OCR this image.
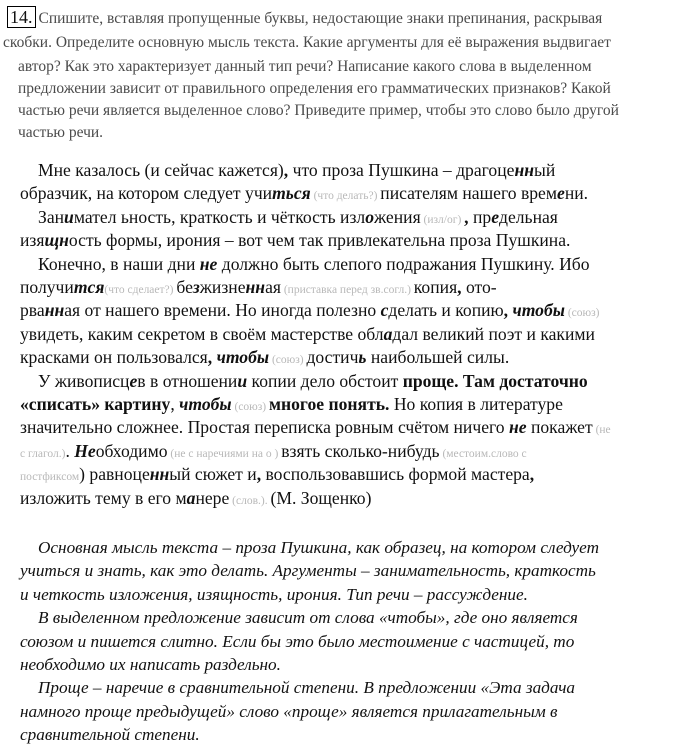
14. Спишите, вставляя пропущенные буквы, недостающие знаки препинания, раскрывая
скобки. Определите основную мысль текста. Какие аргументы для её выражения выдвигает
автор? Как это характеризует данный тип речи? Написание какого слова в выделенном
предложении зависит от правильного определения его грамматических признаков? Какой
частью речи является выделенное слово? Приведите пример, чтобы это слово было другой
частью речи.
Мне казалось (и сейчас кажется), что проза Пушкина – драгоценный
образчик, на котором следует учиться (что делать?) писателям нашего времени.
Занимател ьность, краткость и чёткость изложения (изл/ог) , предельная
изящность формы, ирония – вот чем так привлекательна проза Пушкина.
Конечно, в наши дни не должно быть слепого подражания Пушкину. Ибо
получится(что сделает?) безжизненная (приставка перед зв.согл.) копия, ото-
рванная от нашего времени. Но иногда полезно сделать и копию, чтобы (союз)
увидеть, каким секретом в своём мастерстве обладал великий поэт и какими
красками он пользовался, чтобы (союз) достичь наибольшей силы.
У живописцев в отношении копии дело обстоит проще. Там достаточно
«списать» картину, чтобы (союз) многое понять. Но копия в литературе
значительно сложнее. Простая переписка ровным счётом ничего не покажет (не
с глагол.). Необходимо (не с наречиями на о ) взять сколько-нибудь (местоим.слово с
постфиксом) равноценный сюжет и, воспользовавшись формой мастера,
изложить тему в его манере (слов.). (М. Зощенко)
Основная мысль текста – проза Пушкина, как образец, на котором следует
учиться и знать, как это делать. Аргументы – занимательность, краткость
и четкость изложения, изящность, ирония. Тип речи – рассуждение.
В выделенном предложение зависит от слова «чтобы», где оно является
союзом и пишется слитно. Если бы это было местоимение с частицей, то
необходимо их написать раздельно.
Проще – наречие в сравнительной степени. В предложении «Эта задача
намного проще предыдущей» слово «проще» является прилагательным в
сравнительной степени.
